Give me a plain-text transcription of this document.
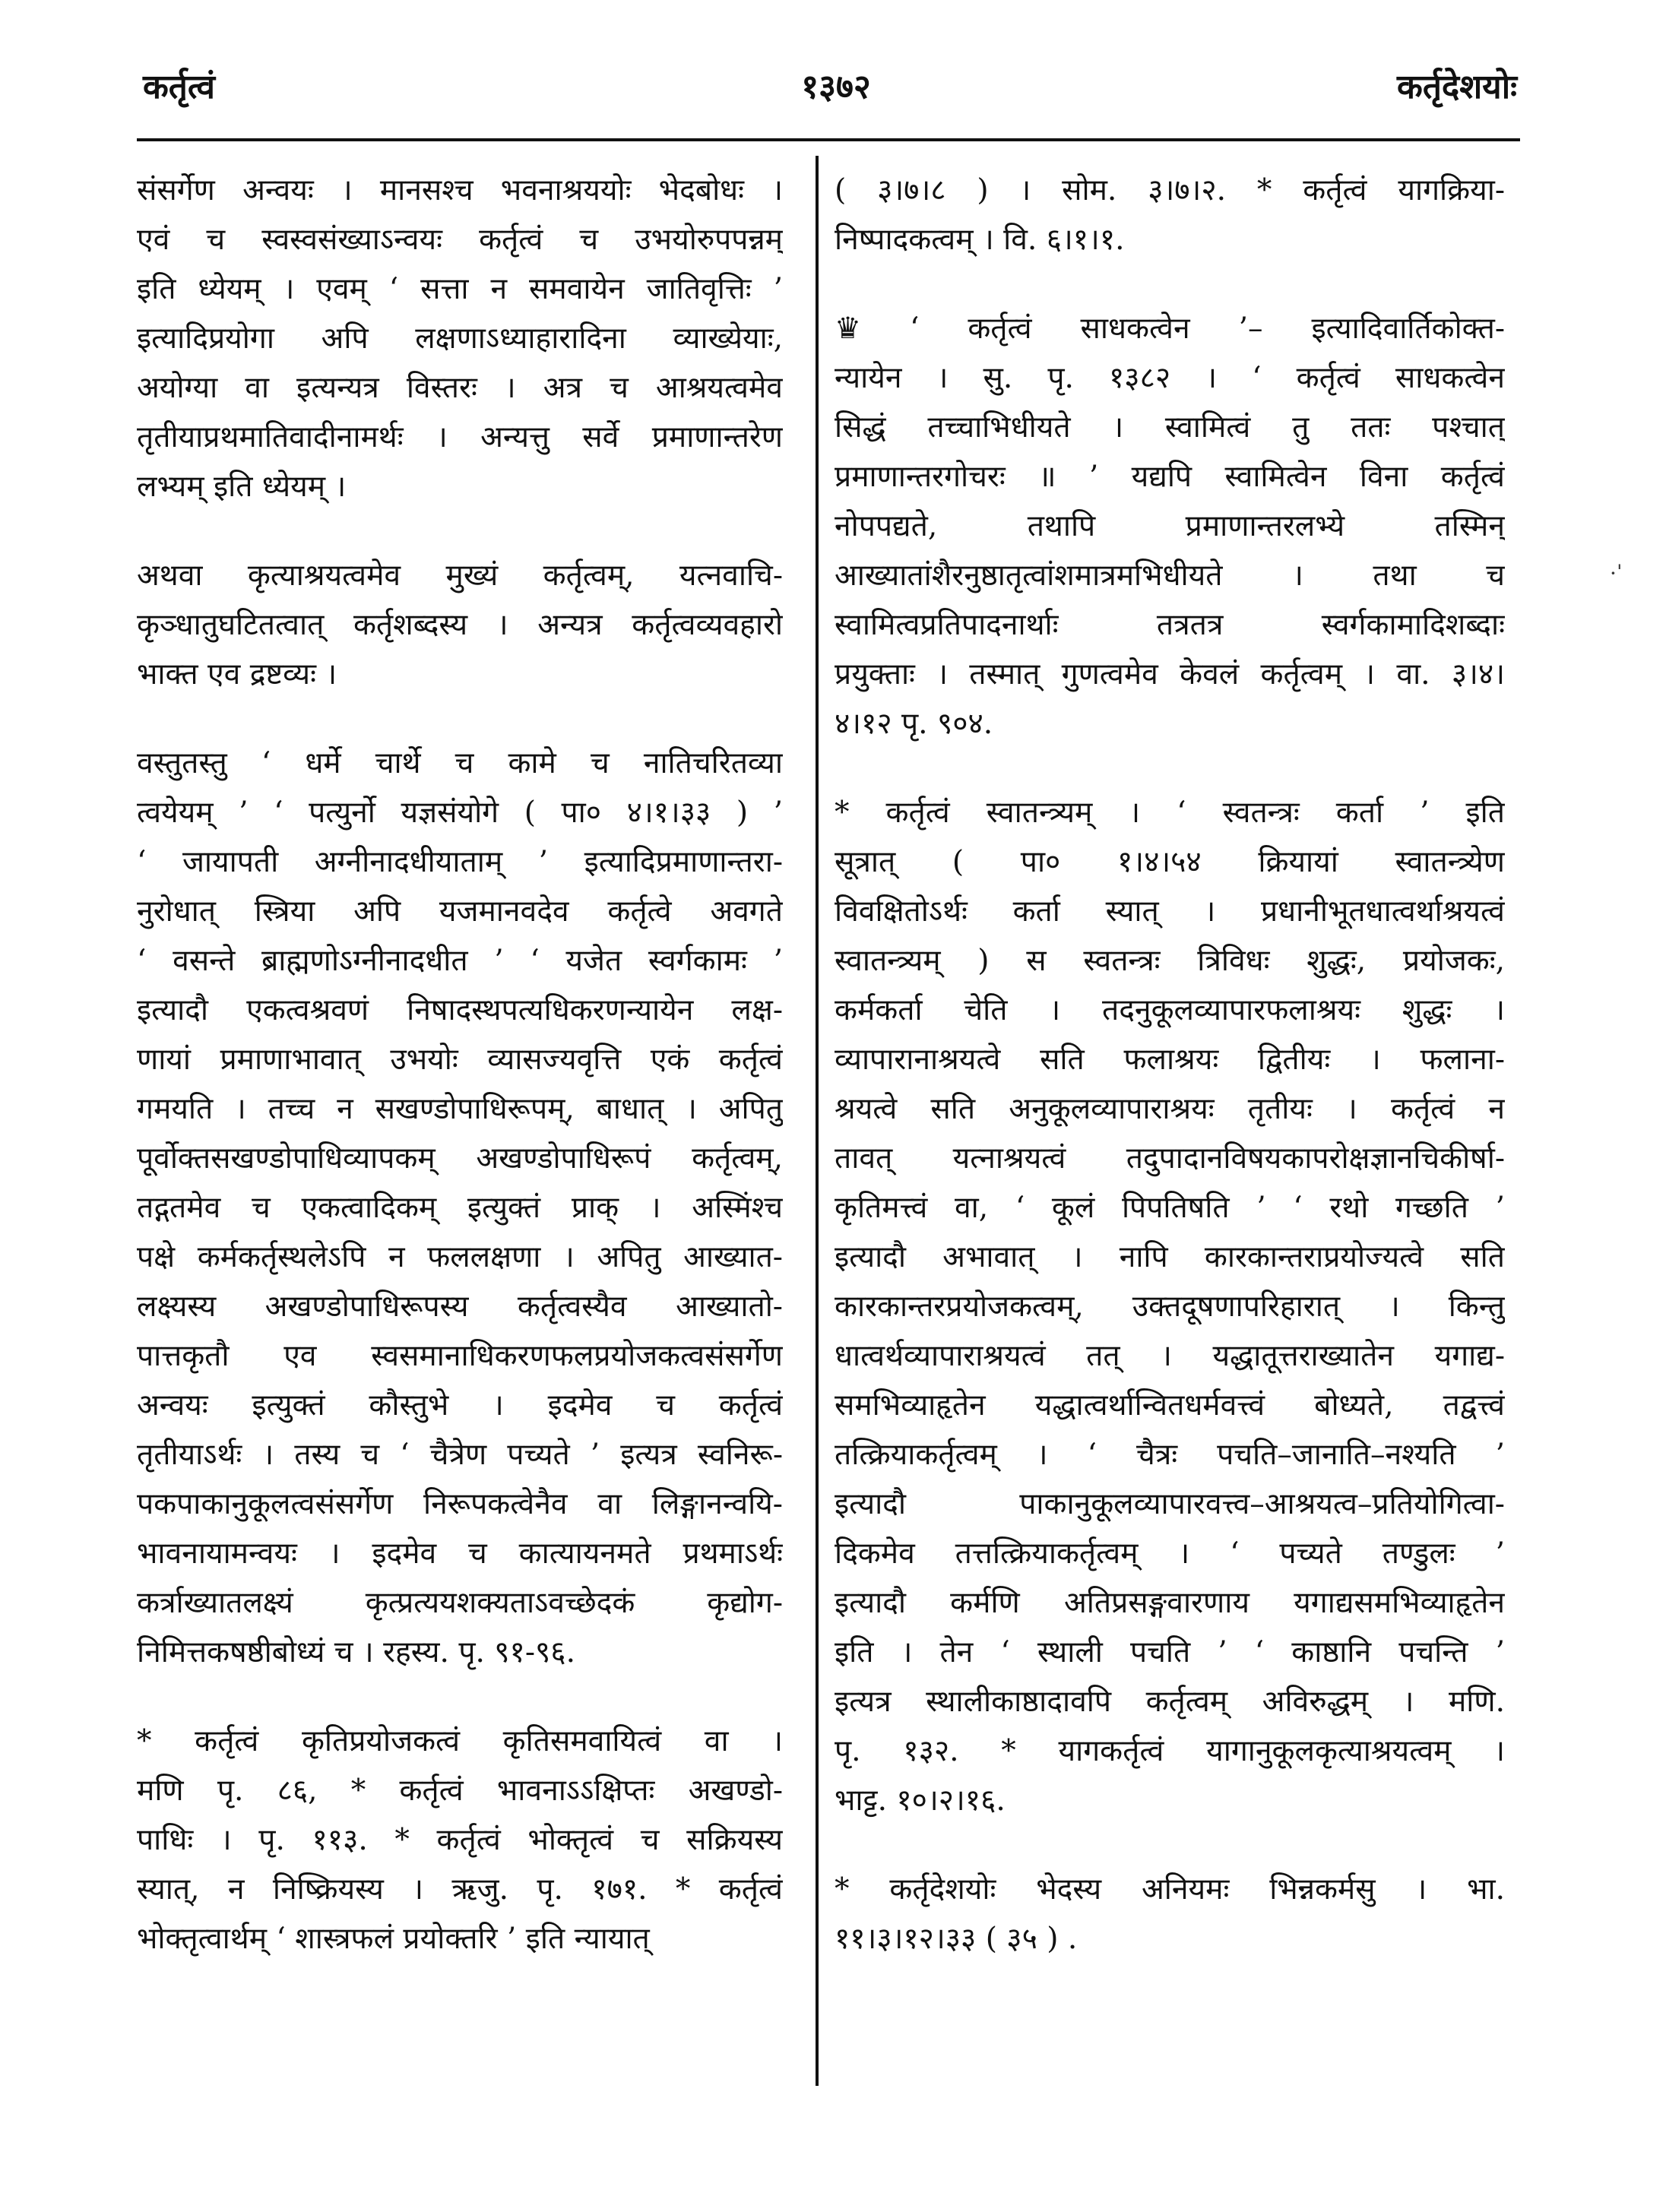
कर्तृत्वं	१३७२	कर्तृदेशयोः
संसर्गेण अन्वयः । मानसश्च भवनाश्रययोः भेदबोधः ।
एवं च स्वस्वसंख्याऽन्वयः कर्तृत्वं च उभयोरुपपन्नम्
इति ध्येयम् । एवम् ‘ सत्ता न समवायेन जातिवृत्तिः ’
इत्यादिप्रयोगा अपि लक्षणाऽध्याहारादिना व्याख्येयाः,
अयोग्या वा इत्यन्यत्र विस्तरः । अत्र च आश्रयत्वमेव
तृतीयाप्रथमातिवादीनामर्थः । अन्यत्तु सर्वे प्रमाणान्तरेण
लभ्यम् इति ध्येयम् ।
अथवा कृत्याश्रयत्वमेव मुख्यं कर्तृत्वम्, यत्नवाचि-
कृञ्धातुघटितत्वात् कर्तृशब्दस्य । अन्यत्र कर्तृत्वव्यवहारो
भाक्त एव द्रष्टव्यः ।
वस्तुतस्तु ‘ धर्मे चार्थे च कामे च नातिचरितव्या
त्वयेयम् ’ ‘ पत्युर्नो यज्ञसंयोगे ( पा० ४।१।३३ ) ’
‘ जायापती अग्नीनादधीयाताम् ’ इत्यादिप्रमाणान्तरा-
नुरोधात् स्त्रिया अपि यजमानवदेव कर्तृत्वे अवगते
‘ वसन्ते ब्राह्मणोऽग्नीनादधीत ’ ‘ यजेत स्वर्गकामः ’
इत्यादौ एकत्वश्रवणं निषादस्थपत्यधिकरणन्यायेन लक्ष-
णायां प्रमाणाभावात् उभयोः व्यासज्यवृत्ति एकं कर्तृत्वं
गमयति । तच्च न सखण्डोपाधिरूपम्, बाधात् । अपितु
पूर्वोक्तसखण्डोपाधिव्यापकम् अखण्डोपाधिरूपं कर्तृत्वम्,
तद्गतमेव च एकत्वादिकम् इत्युक्तं प्राक् । अस्मिंश्च
पक्षे कर्मकर्तृस्थलेऽपि न फललक्षणा । अपितु आख्यात-
लक्ष्यस्य अखण्डोपाधिरूपस्य कर्तृत्वस्यैव आख्यातो-
पात्तकृतौ एव स्वसमानाधिकरणफलप्रयोजकत्वसंसर्गेण
अन्वयः इत्युक्तं कौस्तुभे । इदमेव च कर्तृत्वं
तृतीयाऽर्थः । तस्य च ‘ चैत्रेण पच्यते ’ इत्यत्र स्वनिरू-
पकपाकानुकूलत्वसंसर्गेण निरूपकत्वेनैव वा लिङ्गानन्वयि-
भावनायामन्वयः । इदमेव च कात्यायनमते प्रथमाऽर्थः
कर्त्राख्यातलक्ष्यं कृत्प्रत्ययशक्यताऽवच्छेदकं कृद्योग-
निमित्तकषष्ठीबोध्यं च । रहस्य. पृ. ९१-९६.
* कर्तृत्वं कृतिप्रयोजकत्वं कृतिसमवायित्वं वा ।
मणि पृ. ८६, * कर्तृत्वं भावनाऽऽक्षिप्तः अखण्डो-
पाधिः । पृ. ११३. * कर्तृत्वं भोक्तृत्वं च सक्रियस्य
स्यात्, न निष्क्रियस्य । ऋजु. पृ. १७१. * कर्तृत्वं
भोक्तृत्वार्थम् ‘ शास्त्रफलं प्रयोक्तरि ’ इति न्यायात्
( ३।७।८ ) । सोम. ३।७।२. * कर्तृत्वं यागक्रिया-
निष्पादकत्वम् । वि. ६।१।१.
♛ ‘ कर्तृत्वं साधकत्वेन ’– इत्यादिवार्तिकोक्त-
न्यायेन । सु. पृ. १३८२ । ‘ कर्तृत्वं साधकत्वेन
सिद्धं तच्चाभिधीयते । स्वामित्वं तु ततः पश्चात्
प्रमाणान्तरगोचरः ॥ ’ यद्यपि स्वामित्वेन विना कर्तृत्वं
नोपपद्यते, तथापि प्रमाणान्तरलभ्ये तस्मिन्
आख्यातांशैरनुष्ठातृत्वांशमात्रमभिधीयते । तथा च
स्वामित्वप्रतिपादनार्थाः तत्रतत्र स्वर्गकामादिशब्दाः
प्रयुक्ताः । तस्मात् गुणत्वमेव केवलं कर्तृत्वम् । वा. ३।४।
४।१२ पृ. ९०४.
* कर्तृत्वं स्वातन्त्र्यम् । ‘ स्वतन्त्रः कर्ता ’ इति
सूत्रात् ( पा० १।४।५४ क्रियायां स्वातन्त्र्येण
विवक्षितोऽर्थः कर्ता स्यात् । प्रधानीभूतधात्वर्थाश्रयत्वं
स्वातन्त्र्यम् ) स स्वतन्त्रः त्रिविधः शुद्धः, प्रयोजकः,
कर्मकर्ता चेति । तदनुकूलव्यापारफलाश्रयः शुद्धः ।
व्यापारानाश्रयत्वे सति फलाश्रयः द्वितीयः । फलाना-
श्रयत्वे सति अनुकूलव्यापाराश्रयः तृतीयः । कर्तृत्वं न
तावत् यत्नाश्रयत्वं तदुपादानविषयकापरोक्षज्ञानचिकीर्षा-
कृतिमत्त्वं वा, ‘ कूलं पिपतिषति ’ ‘ रथो गच्छति ’
इत्यादौ अभावात् । नापि कारकान्तराप्रयोज्यत्वे सति
कारकान्तरप्रयोजकत्वम्, उक्तदूषणापरिहारात् । किन्तु
धात्वर्थव्यापाराश्रयत्वं तत् । यद्धातूत्तराख्यातेन यगाद्य-
समभिव्याहृतेन यद्धात्वर्थान्वितधर्मवत्त्वं बोध्यते, तद्वत्त्वं
तत्क्रियाकर्तृत्वम् । ‘ चैत्रः पचति–जानाति–नश्यति ’
इत्यादौ पाकानुकूलव्यापारवत्त्व–आश्रयत्व–प्रतियोगित्वा-
दिकमेव तत्तत्क्रियाकर्तृत्वम् । ‘ पच्यते तण्डुलः ’
इत्यादौ कर्मणि अतिप्रसङ्गवारणाय यगाद्यसमभिव्याहृतेन
इति । तेन ‘ स्थाली पचति ’ ‘ काष्ठानि पचन्ति ’
इत्यत्र स्थालीकाष्ठादावपि कर्तृत्वम् अविरुद्धम् । मणि.
पृ. १३२. * यागकर्तृत्वं यागानुकूलकृत्याश्रयत्वम् ।
भाट्ट. १०।२।१६.
* कर्तृदेशयोः भेदस्य अनियमः भिन्नकर्मसु । भा.
११।३।१२।३३ ( ३५ ) .
·ˈ
